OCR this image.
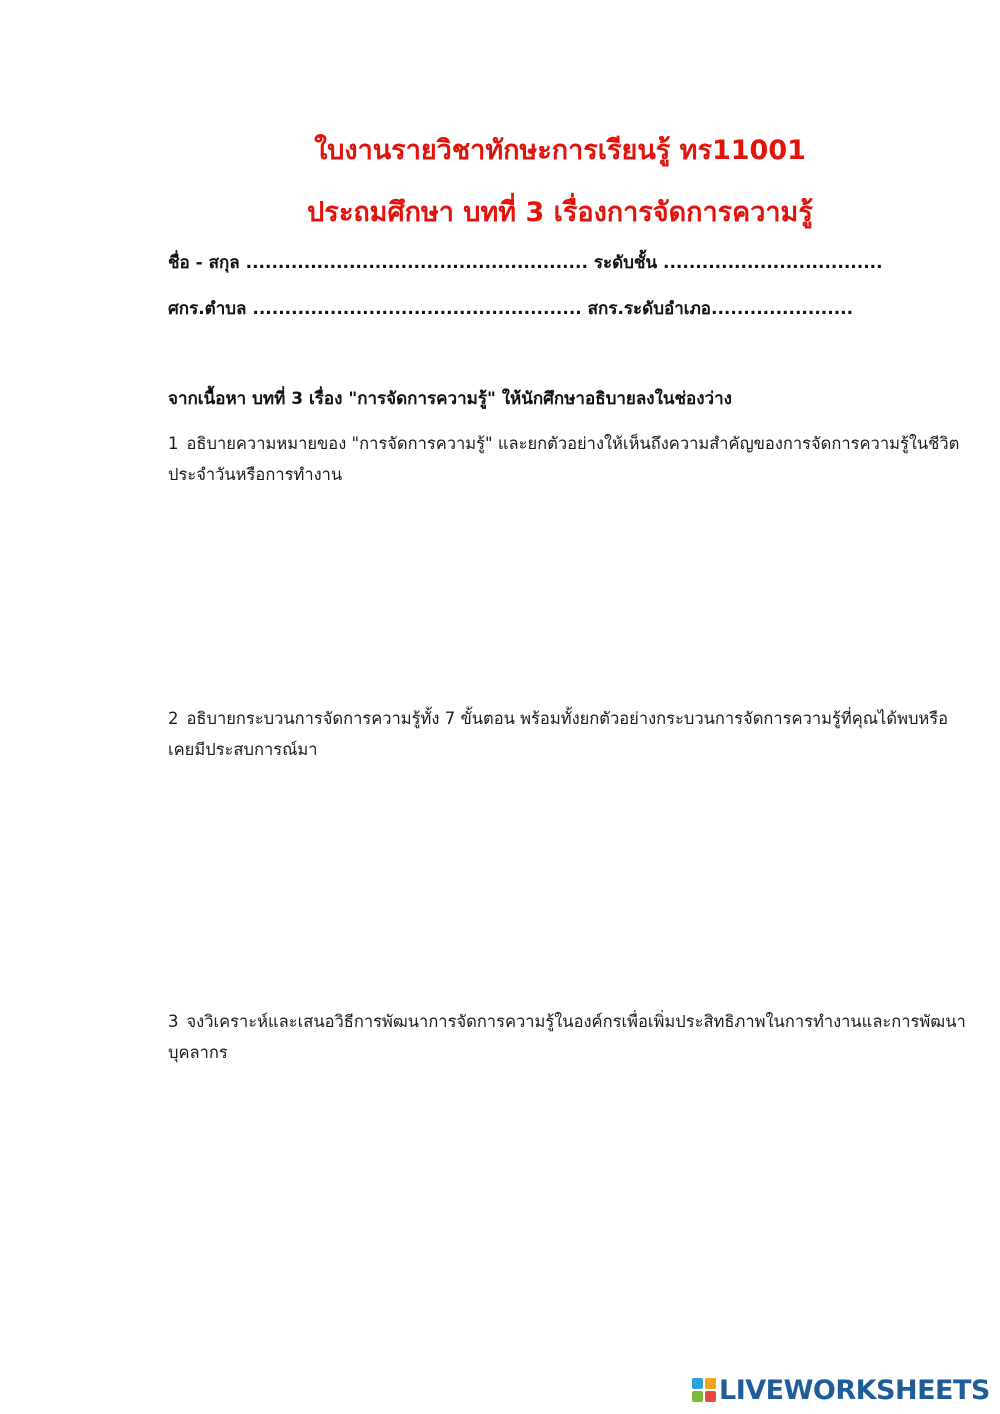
ใบงานรายวิชาทักษะการเรียนรู้ ทร11001
ประถมศึกษา บทที่ 3 เรื่องการจัดการความรู้
ชื่อ - สกุล ..................................................... ระดับชั้น ..................................
ศกร.ตำบล ................................................... สกร.ระดับอำเภอ......................
จากเนื้อหา บทที่ 3 เรื่อง "การจัดการความรู้" ให้นักศึกษาอธิบายลงในช่องว่าง
1 อธิบายความหมายของ "การจัดการความรู้" และยกตัวอย่างให้เห็นถึงความสำคัญของการจัดการความรู้ในชีวิตประจำวันหรือการทำงาน
2 อธิบายกระบวนการจัดการความรู้ทั้ง 7 ขั้นตอน พร้อมทั้งยกตัวอย่างกระบวนการจัดการความรู้ที่คุณได้พบหรือเคยมีประสบการณ์มา
3 จงวิเคราะห์และเสนอวิธีการพัฒนาการจัดการความรู้ในองค์กรเพื่อเพิ่มประสิทธิภาพในการทำงานและการพัฒนาบุคลากร
LIVEWORKSHEETS
